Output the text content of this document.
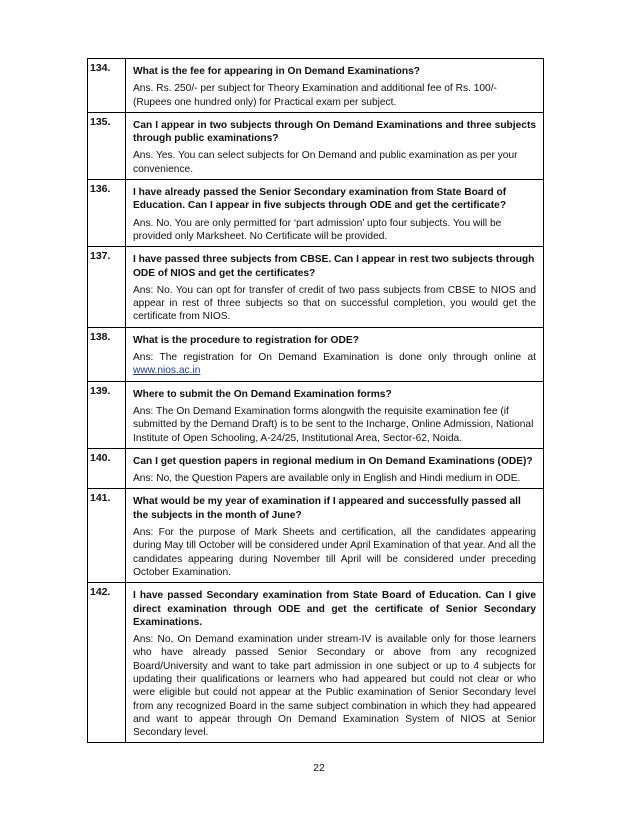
134.	What is the fee for appearing in On Demand Examinations?
Ans. Rs. 250/- per subject for Theory Examination and additional fee of Rs. 100/- (Rupees one hundred only) for Practical exam per subject.

135.	Can I appear in two subjects through On Demand Examinations and three subjects through public examinations?
Ans. Yes. You can select subjects for On Demand and public examination as per your convenience.

136.	I have already passed the Senior Secondary examination from State Board of Education. Can I appear in five subjects through ODE and get the certificate?
Ans. No. You are only permitted for ‘part admission’ upto four subjects. You will be provided only Marksheet. No Certificate will be provided.

137.	I have passed three subjects from CBSE. Can I appear in rest two subjects through ODE of NIOS and get the certificates?
Ans: No. You can opt for transfer of credit of two pass subjects from CBSE to NIOS and appear in rest of three subjects so that on successful completion, you would get the certificate from NIOS.

138.	What is the procedure to registration for ODE?
Ans: The registration for On Demand Examination is done only through online at www.nios.ac.in

139.	Where to submit the On Demand Examination forms?
Ans: The On Demand Examination forms alongwith the requisite examination fee (if submitted by the Demand Draft) is to be sent to the Incharge, Online Admission, National Institute of Open Schooling, A-24/25, Institutional Area, Sector-62, Noida.

140.	Can I get question papers in regional medium in On Demand Examinations (ODE)?
Ans: No, the Question Papers are available only in English and Hindi medium in ODE.

141.	What would be my year of examination if I appeared and successfully passed all the subjects in the month of June?
Ans: For the purpose of Mark Sheets and certification, all the candidates appearing during May till October will be considered under April Examination of that year. And all the candidates appearing during November till April will be considered under preceding October Examination.

142.	I have passed Secondary examination from State Board of Education. Can I give direct examination through ODE and get the certificate of Senior Secondary Examinations.
Ans: No, On Demand examination under stream-IV is available only for those learners who have already passed Senior Secondary or above from any recognized Board/University and want to take part admission in one subject or up to 4 subjects for updating their qualifications or learners who had appeared but could not clear or who were eligible but could not appear at the Public examination of Senior Secondary level from any recognized Board in the same subject combination in which they had appeared and want to appear through On Demand Examination System of NIOS at Senior Secondary level.
22
